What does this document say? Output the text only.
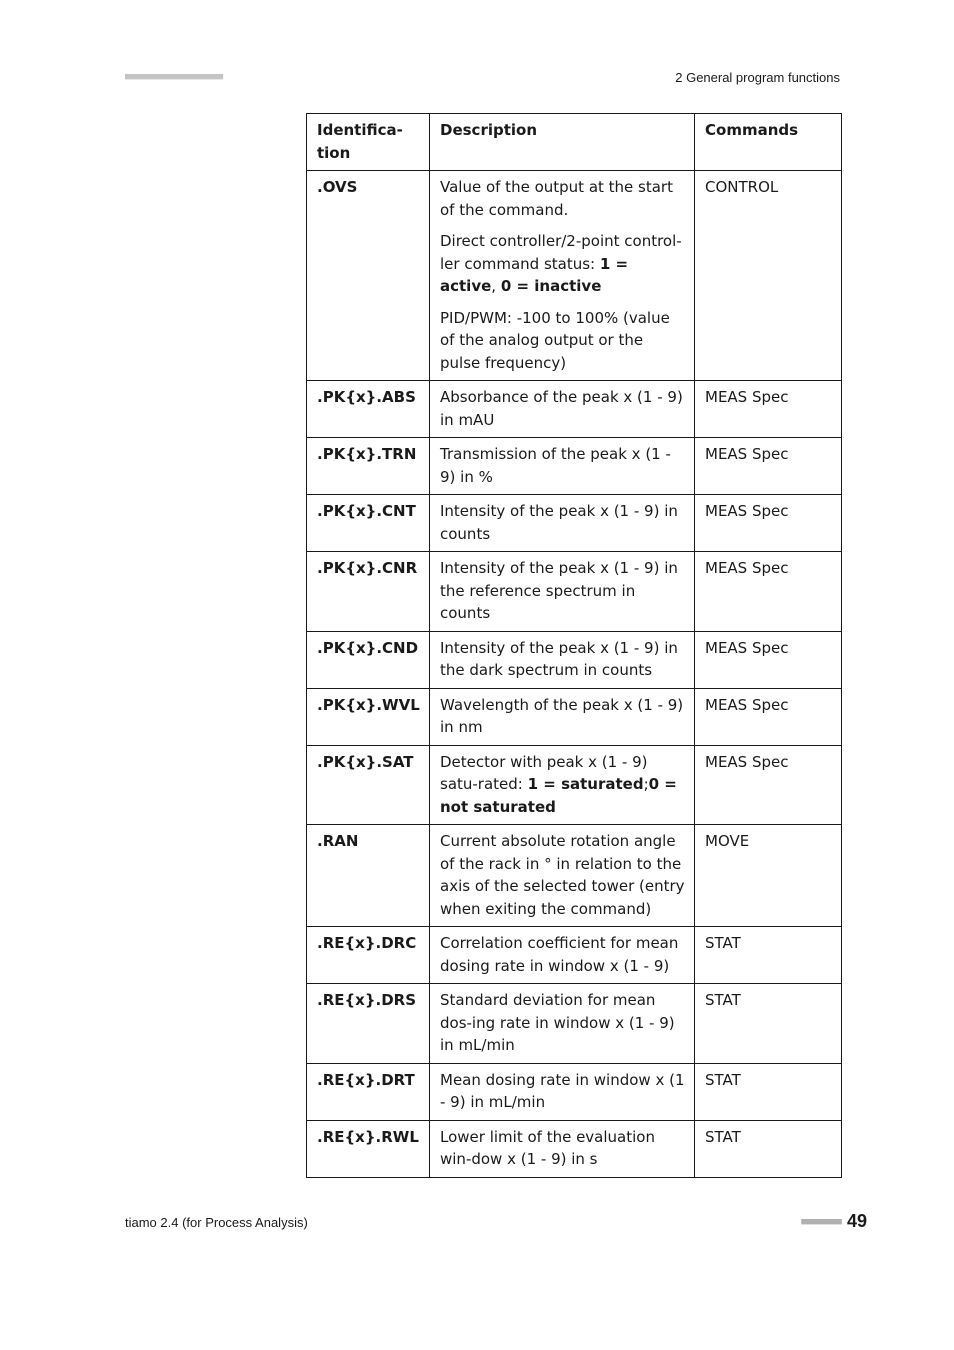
■■■■■■■■■■■■■■■■■■■■■■	2 General program functions
Identifica-
tion	Description	Commands
.OVS	Value of the output at the start of the command.
Direct controller/2-point control-ler command status: 1 = active, 0 = inactive
PID/PWM: -100 to 100% (value of the analog output or the pulse frequency)	CONTROL
.PK{x}.ABS	Absorbance of the peak x (1 - 9) in mAU	MEAS Spec
.PK{x}.TRN	Transmission of the peak x (1 - 9) in %	MEAS Spec
.PK{x}.CNT	Intensity of the peak x (1 - 9) in counts	MEAS Spec
.PK{x}.CNR	Intensity of the peak x (1 - 9) in the reference spectrum in counts	MEAS Spec
.PK{x}.CND	Intensity of the peak x (1 - 9) in the dark spectrum in counts	MEAS Spec
.PK{x}.WVL	Wavelength of the peak x (1 - 9) in nm	MEAS Spec
.PK{x}.SAT	Detector with peak x (1 - 9) satu-rated: 1 = saturated;0 = not saturated	MEAS Spec
.RAN	Current absolute rotation angle of the rack in ° in relation to the axis of the selected tower (entry when exiting the command)	MOVE
.RE{x}.DRC	Correlation coefficient for mean dosing rate in window x (1 - 9)	STAT
.RE{x}.DRS	Standard deviation for mean dos-ing rate in window x (1 - 9) in mL/min	STAT
.RE{x}.DRT	Mean dosing rate in window x (1 - 9) in mL/min	STAT
.RE{x}.RWL	Lower limit of the evaluation win-dow x (1 - 9) in s	STAT
tiamo 2.4 (for Process Analysis)	■■■■■■■■■ 49
